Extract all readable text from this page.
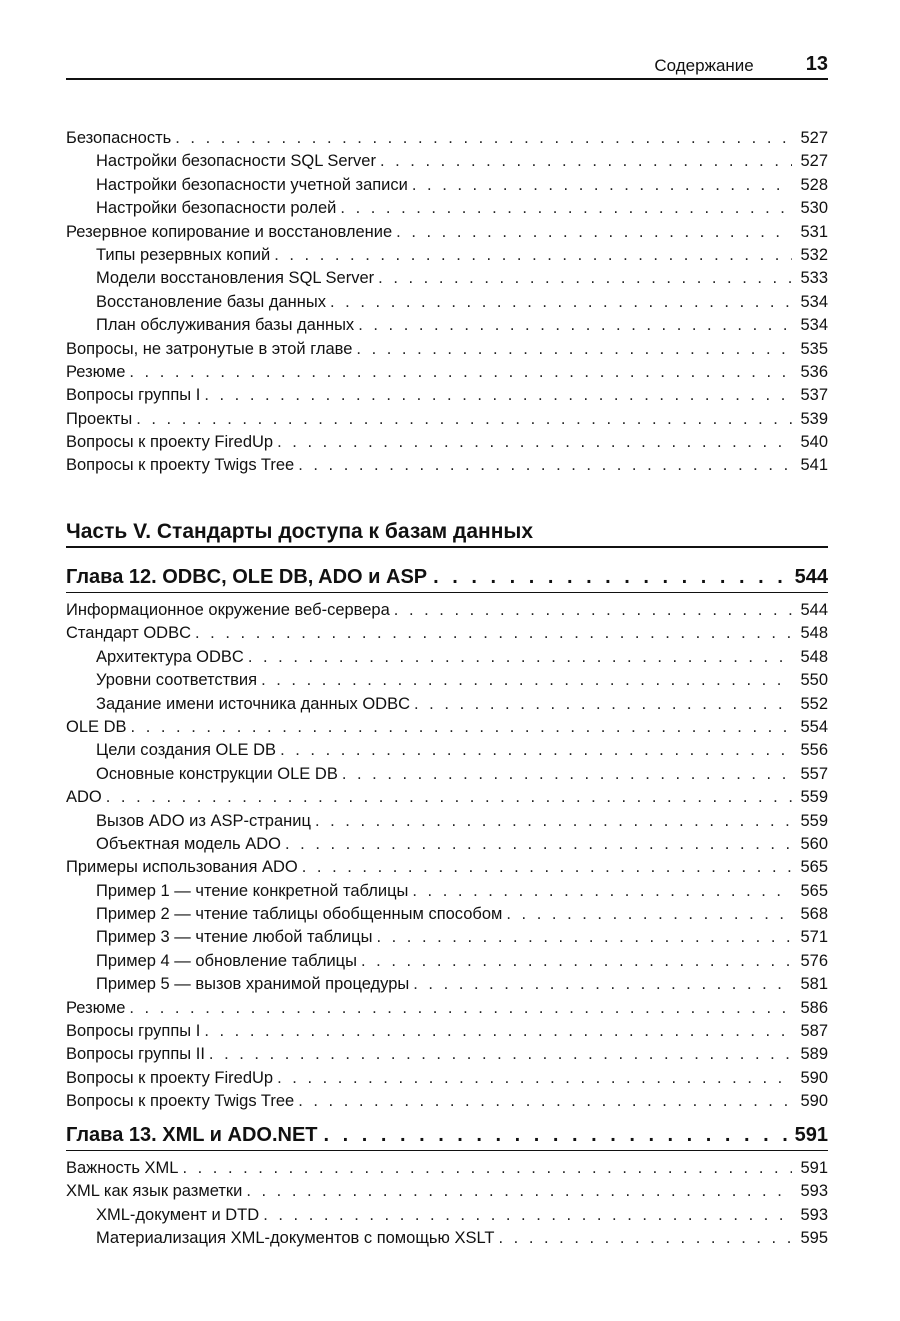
Содержание	13
Безопасность . . .	527
Настройки безопасности SQL Server . . .	527
Настройки безопасности учетной записи . . .	528
Настройки безопасности ролей . . .	530
Резервное копирование и восстановление . . .	531
Типы резервных копий . . .	532
Модели восстановления SQL Server . . .	533
Восстановление базы данных . . .	534
План обслуживания базы данных . . .	534
Вопросы, не затронутые в этой главе . . .	535
Резюме . . .	536
Вопросы группы I . . .	537
Проекты . . .	539
Вопросы к проекту FiredUp . . .	540
Вопросы к проекту Twigs Tree . . .	541
Часть V. Стандарты доступа к базам данных
Глава 12. ODBC, OLE DB, ADO и ASP . . .	544
Информационное окружение веб-сервера . . .	544
Стандарт ODBC . . .	548
Архитектура ODBC . . .	548
Уровни соответствия . . .	550
Задание имени источника данных ODBC . . .	552
OLE DB . . .	554
Цели создания OLE DB . . .	556
Основные конструкции OLE DB . . .	557
ADO . . .	559
Вызов ADO из ASP-страниц . . .	559
Объектная модель ADO . . .	560
Примеры использования ADO . . .	565
Пример 1 — чтение конкретной таблицы . . .	565
Пример 2 — чтение таблицы обобщенным способом . . .	568
Пример 3 — чтение любой таблицы . . .	571
Пример 4 — обновление таблицы . . .	576
Пример 5 — вызов хранимой процедуры . . .	581
Резюме . . .	586
Вопросы группы I . . .	587
Вопросы группы II . . .	589
Вопросы к проекту FiredUp . . .	590
Вопросы к проекту Twigs Tree . . .	590
Глава 13. XML и ADO.NET . . .	591
Важность XML . . .	591
XML как язык разметки . . .	593
XML-документ и DTD . . .	593
Материализация XML-документов с помощью XSLT . . .	595
